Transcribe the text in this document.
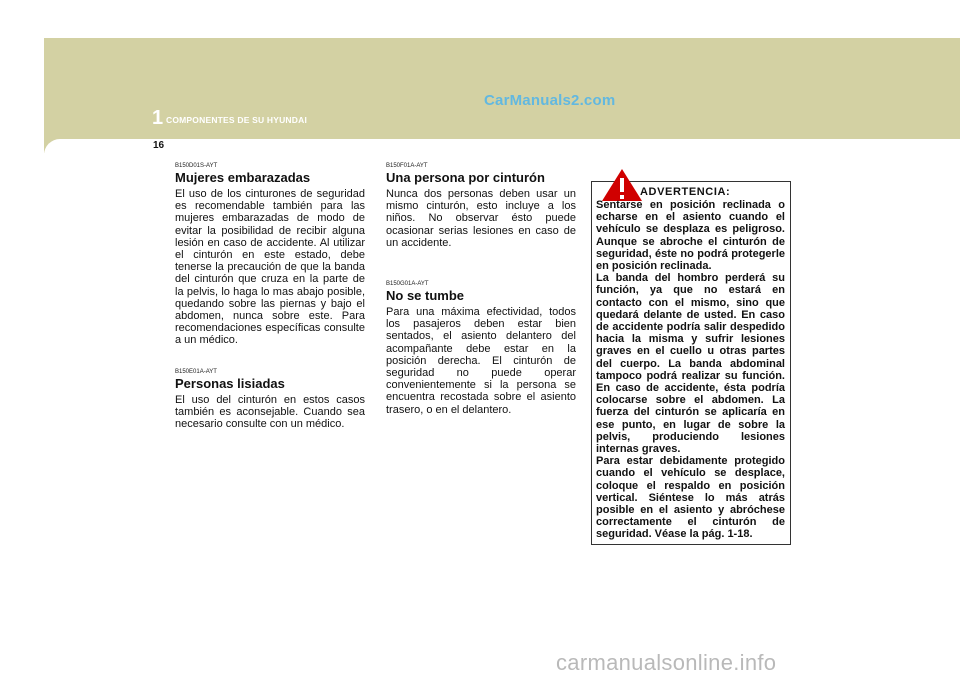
1 COMPONENTES DE SU HYUNDAI
CarManuals2.com
16
B150D01S-AYT
Mujeres embarazadas

El uso de los cinturones de seguridad es recomendable también para las mujeres embarazadas de modo de evitar la posibilidad de recibir alguna lesión en caso de accidente. Al utilizar el cinturón en este estado, debe tenerse la precaución de que la banda del cinturón que cruza en la parte de la pelvis, lo haga lo mas abajo posible, quedando sobre las piernas y bajo el abdomen, nunca sobre este. Para recomendaciones específicas consulte a un médico.

B150E01A-AYT
Personas lisiadas

El uso del cinturón en estos casos también es aconsejable. Cuando sea necesario consulte con un médico.

B150F01A-AYT
Una persona por cinturón

Nunca dos personas deben usar un mismo cinturón, esto incluye a los niños. No observar ésto puede ocasionar serias lesiones en caso de un accidente.

B150G01A-AYT
No se tumbe

Para una máxima efectividad, todos los pasajeros deben estar bien sentados, el asiento delantero del acompañante debe estar en la posición derecha. El cinturón de seguridad no puede operar convenientemente si la persona se encuentra recostada sobre el asiento trasero, o en el delantero.

ADVERTENCIA:

Sentarse en posición reclinada o echarse en el asiento cuando el vehículo se desplaza es peligroso. Aunque se abroche el cinturón de seguridad, éste no podrá protegerle en posición reclinada.

La banda del hombro perderá su función, ya que no estará en contacto con el mismo, sino que quedará delante de usted. En caso de accidente podría salir despedido hacia la misma y sufrir lesiones graves en el cuello u otras partes del cuerpo. La banda abdominal tampoco podrá realizar su función. En caso de accidente, ésta podría colocarse sobre el abdomen. La fuerza del cinturón se aplicaría en ese punto, en lugar de sobre la pelvis, produciendo lesiones internas graves.

Para estar debidamente protegido cuando el vehículo se desplace, coloque el respaldo en posición vertical. Siéntese lo más atrás posible en el asiento y abróchese correctamente el cinturón de seguridad. Véase la pág. 1-18.

carmanualsonline.info
